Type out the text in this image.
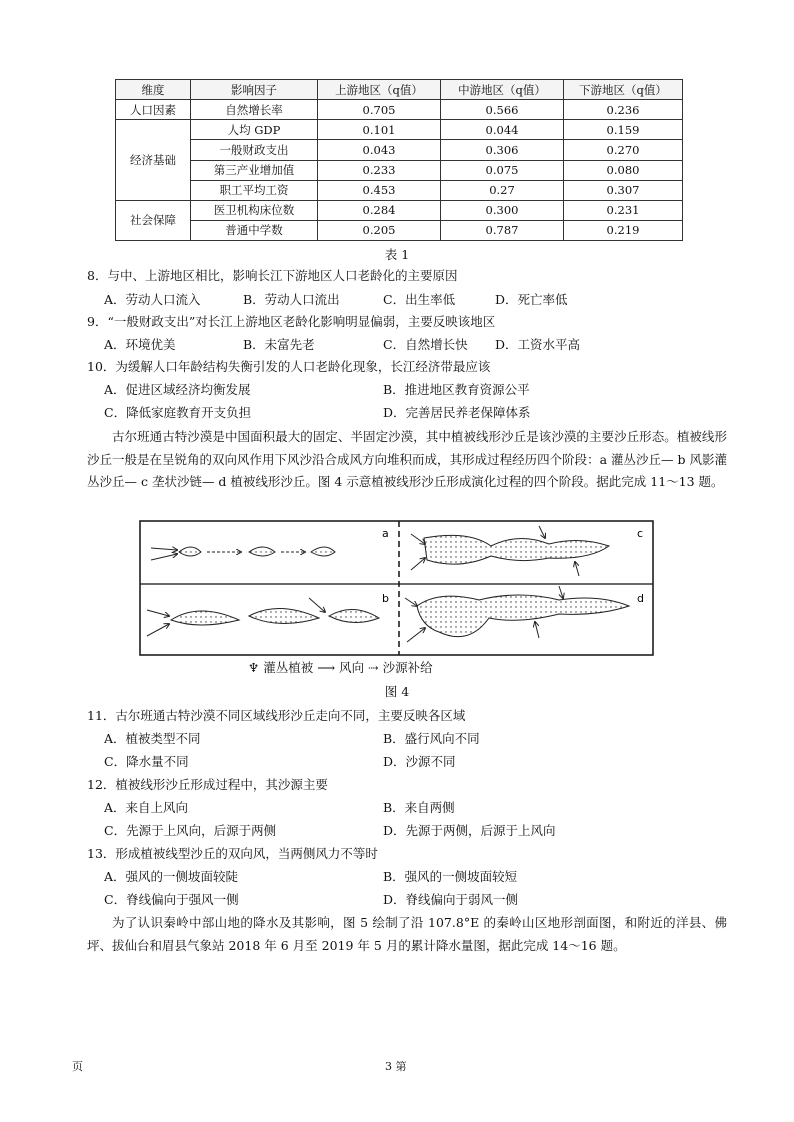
维度	影响因子	上游地区（q值）	中游地区（q值）	下游地区（q值）
人口因素	自然增长率	0.705	0.566	0.236
经济基础	人均 GDP	0.101	0.044	0.159
	一般财政支出	0.043	0.306	0.270
	第三产业增加值	0.233	0.075	0.080
	职工平均工资	0.453	0.27	0.307
社会保障	医卫机构床位数	0.284	0.300	0.231
	普通中学数	0.205	0.787	0.219
表 1
8．与中、上游地区相比，影响长江下游地区人口老龄化的主要原因
A．劳动人口流入	B．劳动人口流出	C．出生率低	D．死亡率低
9．“一般财政支出”对长江上游地区老龄化影响明显偏弱，主要反映该地区
A．环境优美	B．未富先老	C．自然增长快 D．工资水平高
10．为缓解人口年龄结构失衡引发的人口老龄化现象，长江经济带最应该
A．促进区域经济均衡发展	B．推进地区教育资源公平
C．降低家庭教育开支负担	D．完善居民养老保障体系
古尔班通古特沙漠是中国面积最大的固定、半固定沙漠，其中植被线形沙丘是该沙漠的主要沙丘形态。植被线形沙丘一般是在呈锐角的双向风作用下风沙沿合成风方向堆积而成，其形成过程经历四个阶段：a 灌丛沙丘— b 风影灌丛沙丘— c 垄状沙链— d 植被线形沙丘。图 4 示意植被线形沙丘形成演化过程的四个阶段。据此完成 11～13 题。
a
b
c
d
♆ 灌丛植被 ⟶ 风向 ⇢ 沙源补给
图 4
11．古尔班通古特沙漠不同区域线形沙丘走向不同，主要反映各区域
A．植被类型不同	B．盛行风向不同
C．降水量不同	D．沙源不同
12．植被线形沙丘形成过程中，其沙源主要
A．来自上风向	B．来自两侧
C．先源于上风向，后源于两侧	D．先源于两侧，后源于上风向
13．形成植被线型沙丘的双向风，当两侧风力不等时
A．强风的一侧坡面较陡	B．强风的一侧坡面较短
C．脊线偏向于强风一侧	D．脊线偏向于弱风一侧
为了认识秦岭中部山地的降水及其影响，图 5 绘制了沿 107.8°E 的秦岭山区地形剖面图，和附近的洋县、佛坪、拔仙台和眉县气象站 2018 年 6 月至 2019 年 5 月的累计降水量图，据此完成 14～16 题。
页	3 第
